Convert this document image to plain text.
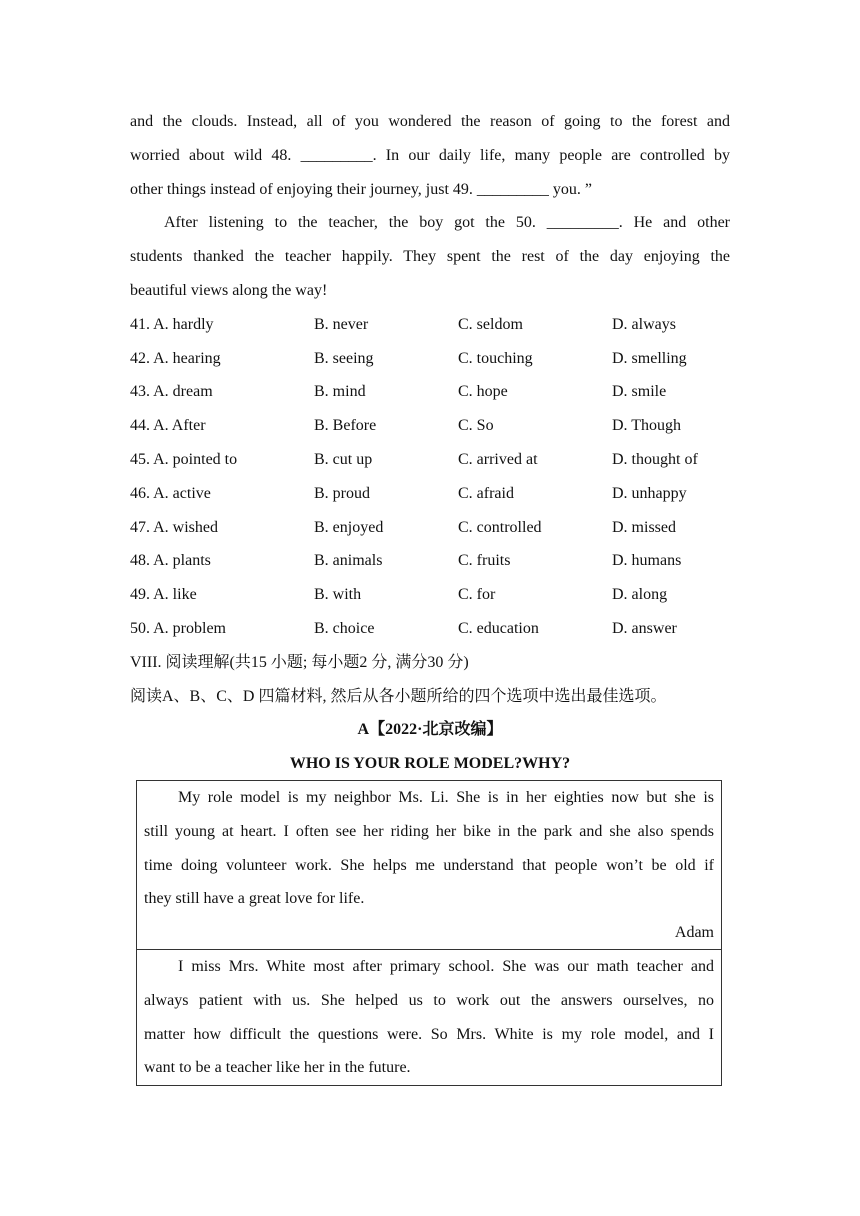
and the clouds. Instead, all of you wondered the reason of going to the forest and
worried about wild 48. _________. In our daily life, many people are controlled by
other things instead of enjoying their journey, just 49. _________ you. ”
After listening to the teacher, the boy got the 50. _________. He and other
students thanked the teacher happily. They spent the rest of the day enjoying the
beautiful views along the way!
41. A. hardly	B. never	C. seldom	D. always
42. A. hearing	B. seeing	C. touching	D. smelling
43. A. dream	B. mind	C. hope	D. smile
44. A. After	B. Before	C. So	D. Though
45. A. pointed to	B. cut up	C. arrived at	D. thought of
46. A. active	B. proud	C. afraid	D. unhappy
47. A. wished	B. enjoyed	C. controlled	D. missed
48. A. plants	B. animals	C. fruits	D. humans
49. A. like	B. with	C. for	D. along
50. A. problem	B. choice	C. education	D. answer
VIII. 阅读理解(共15 小题; 每小题2 分, 满分30 分)
阅读A、B、C、D 四篇材料, 然后从各小题所给的四个选项中选出最佳选项。
A【2022·北京改编】
WHO IS YOUR ROLE MODEL?WHY?
My role model is my neighbor Ms. Li. She is in her eighties now but she is
still young at heart. I often see her riding her bike in the park and she also spends
time doing volunteer work. She helps me understand that people won’t be old if
they still have a great love for life.
Adam
I miss Mrs. White most after primary school. She was our math teacher and
always patient with us. She helped us to work out the answers ourselves, no
matter how difficult the questions were. So Mrs. White is my role model, and I
want to be a teacher like her in the future.
